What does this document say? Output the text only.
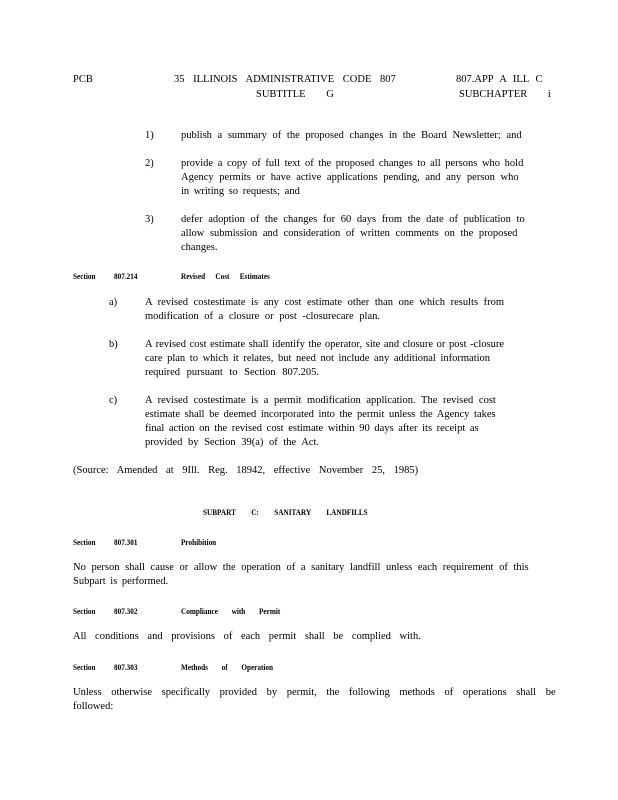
PCB	35 ILLINOIS ADMINISTRATIVE CODE 807
SUBTITLE G
807.APP A ILL C
SUBCHAPTER i
1)	publish a summary of the proposed changes in the Board Newsletter; and
2)	provide a copy of full text of the proposed changes to all persons who hold
Agency permits or have active applications pending, and any person who
in writing so requests; and
3)	defer adoption of the changes for 60 days from the date of publication to
allow submission and consideration of written comments on the proposed
changes.
Section 807.214	Revised Cost Estimates
a)	A revised costestimate is any cost estimate other than one which results from
modification of a closure or post -closurecare plan.
b)	A revised cost estimate shall identify the operator, site and closure or post -closure
care plan to which it relates, but need not include any additional information
required pursuant to Section 807.205.
c)	A revised costestimate is a permit modification application. The revised cost
estimate shall be deemed incorporated into the permit unless the Agency takes
final action on the revised cost estimate within 90 days after its receipt as
provided by Section 39(a) of the Act.
(Source: Amended at 9Ill. Reg. 18942, effective November 25, 1985)
SUBPART C: SANITARY LANDFILLS
Section 807.301	Prohibition
No person shall cause or allow the operation of a sanitary landfill unless each requirement of this
Subpart is performed.
Section 807.302	Compliance with Permit
All conditions and provisions of each permit shall be complied with.
Section 807.303	Methods of Operation
Unless otherwise specifically provided by permit, the following methods of operations shall be
followed:
